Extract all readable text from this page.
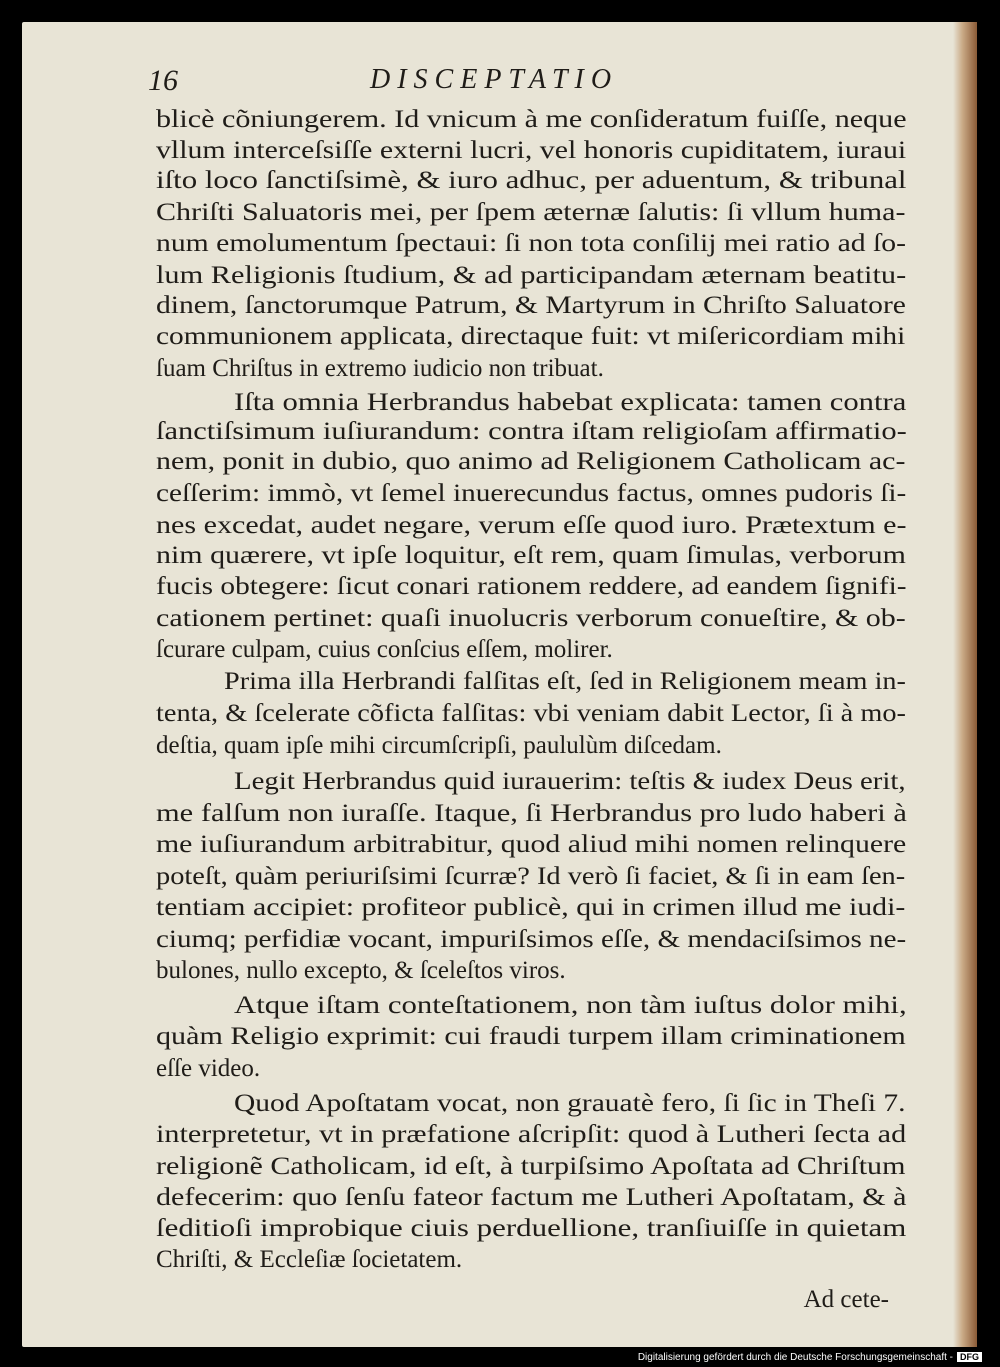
16	DISCEPTATIO
blicè cõniungerem. Id vnicum à me conſideratum fuiſſe, neque
vllum interceſsiſſe externi lucri, vel honoris cupiditatem, iuraui
iſto loco ſanctiſsimè, & iuro adhuc, per aduentum, & tribunal
Chriſti Saluatoris mei, per ſpem æternæ ſalutis: ſi vllum huma-
num emolumentum ſpectaui: ſi non tota conſilij mei ratio ad ſo-
lum Religionis ſtudium, & ad participandam æternam beatitu-
dinem, ſanctorumque Patrum, & Martyrum in Chriſto Saluatore
communionem applicata, directaque fuit: vt miſericordiam mihi
ſuam Chriſtus in extremo iudicio non tribuat.
Iſta omnia Herbrandus habebat explicata: tamen contra
ſanctiſsimum iuſiurandum: contra iſtam religioſam affirmatio-
nem, ponit in dubio, quo animo ad Religionem Catholicam ac-
ceſſerim: immò, vt ſemel inuerecundus factus, omnes pudoris ſi-
nes excedat, audet negare, verum eſſe quod iuro. Prætextum e-
nim quærere, vt ipſe loquitur, eſt rem, quam ſimulas, verborum
fucis obtegere: ſicut conari rationem reddere, ad eandem ſignifi-
cationem pertinet: quaſi inuolucris verborum conueſtire, & ob-
ſcurare culpam, cuius conſcius eſſem, molirer.
Prima illa Herbrandi falſitas eſt, ſed in Religionem meam in-
tenta, & ſcelerate cõficta falſitas: vbi veniam dabit Lector, ſi à mo-
deſtia, quam ipſe mihi circumſcripſi, paululùm diſcedam.
Legit Herbrandus quid iurauerim: teſtis & iudex Deus erit,
me falſum non iuraſſe. Itaque, ſi Herbrandus pro ludo haberi à
me iuſiurandum arbitrabitur, quod aliud mihi nomen relinquere
poteſt, quàm periuriſsimi ſcurræ? Id verò ſi faciet, & ſi in eam ſen-
tentiam accipiet: profiteor publicè, qui in crimen illud me iudi-
ciumq; perfidiæ vocant, impuriſsimos eſſe, & mendaciſsimos ne-
bulones, nullo excepto, & ſceleſtos viros.
Atque iſtam conteſtationem, non tàm iuſtus dolor mihi,
quàm Religio exprimit: cui fraudi turpem illam criminationem
eſſe video.
Quod Apoſtatam vocat, non grauatè fero, ſi ſic in Theſi 7.
interpretetur, vt in præfatione aſcripſit: quod à Lutheri ſecta ad
religionẽ Catholicam, id eſt, à turpiſsimo Apoſtata ad Chriſtum
defecerim: quo ſenſu fateor factum me Lutheri Apoſtatam, & à
ſeditioſi improbique ciuis perduellione, tranſiuiſſe in quietam
Chriſti, & Eccleſiæ ſocietatem.
Ad cete-
Digitalisierung gefördert durch die Deutsche Forschungsgemeinschaft - DFG
